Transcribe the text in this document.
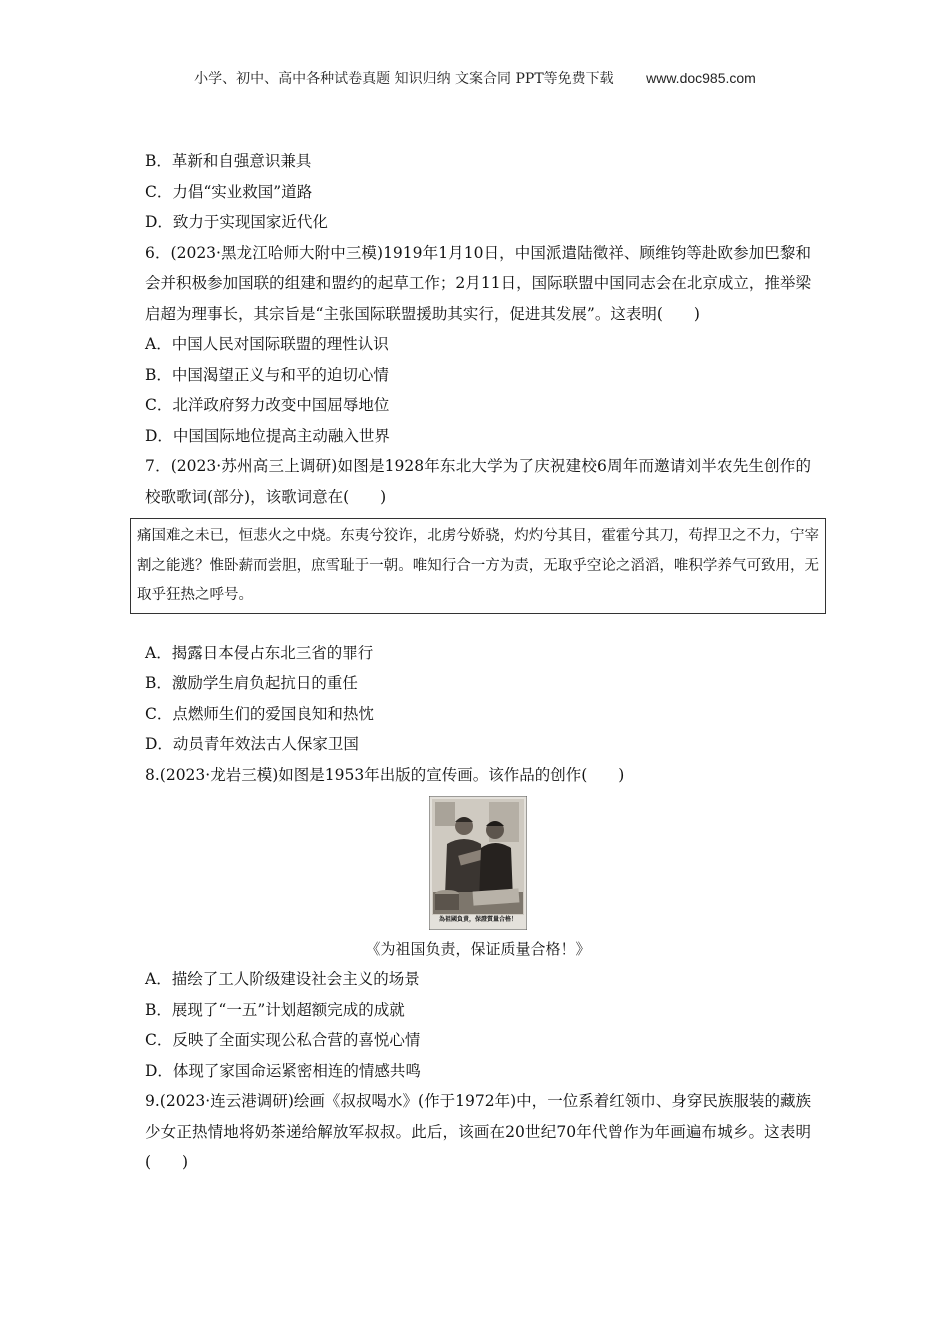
小学、初中、高中各种试卷真题 知识归纳 文案合同 PPT等免费下载 www.doc985.com
B．革新和自强意识兼具
C．力倡“实业救国”道路
D．致力于实现国家近代化
6．(2023·黑龙江哈师大附中三模)1919年1月10日，中国派遣陆徵祥、顾维钧等赴欧参加巴黎和会并积极参加国联的组建和盟约的起草工作；2月11日，国际联盟中国同志会在北京成立，推举梁启超为理事长，其宗旨是“主张国际联盟援助其实行，促进其发展”。这表明(　　)
A．中国人民对国际联盟的理性认识
B．中国渴望正义与和平的迫切心情
C．北洋政府努力改变中国屈辱地位
D．中国国际地位提高主动融入世界
7．(2023·苏州高三上调研)如图是1928年东北大学为了庆祝建校6周年而邀请刘半农先生创作的校歌歌词(部分)，该歌词意在(　　)
痛国难之未已，恒悲火之中烧。东夷兮狡诈，北虏兮娇骁，灼灼兮其目，霍霍兮其刀，苟捍卫之不力，宁宰割之能逃？惟卧薪而尝胆，庶雪耻于一朝。唯知行合一方为责，无取乎空论之滔滔，唯积学养气可致用，无取乎狂热之呼号。
A．揭露日本侵占东北三省的罪行
B．激励学生肩负起抗日的重任
C．点燃师生们的爱国良知和热忱
D．动员青年效法古人保家卫国
8.(2023·龙岩三模)如图是1953年出版的宣传画。该作品的创作(　　)
為祖國負責，保證質量合格！
《为祖国负责，保证质量合格！》
A．描绘了工人阶级建设社会主义的场景
B．展现了“一五”计划超额完成的成就
C．反映了全面实现公私合营的喜悦心情
D．体现了家国命运紧密相连的情感共鸣
9.(2023·连云港调研)绘画《叔叔喝水》(作于1972年)中，一位系着红领巾、身穿民族服装的藏族少女正热情地将奶茶递给解放军叔叔。此后，该画在20世纪70年代曾作为年画遍布城乡。这表明(　　)
